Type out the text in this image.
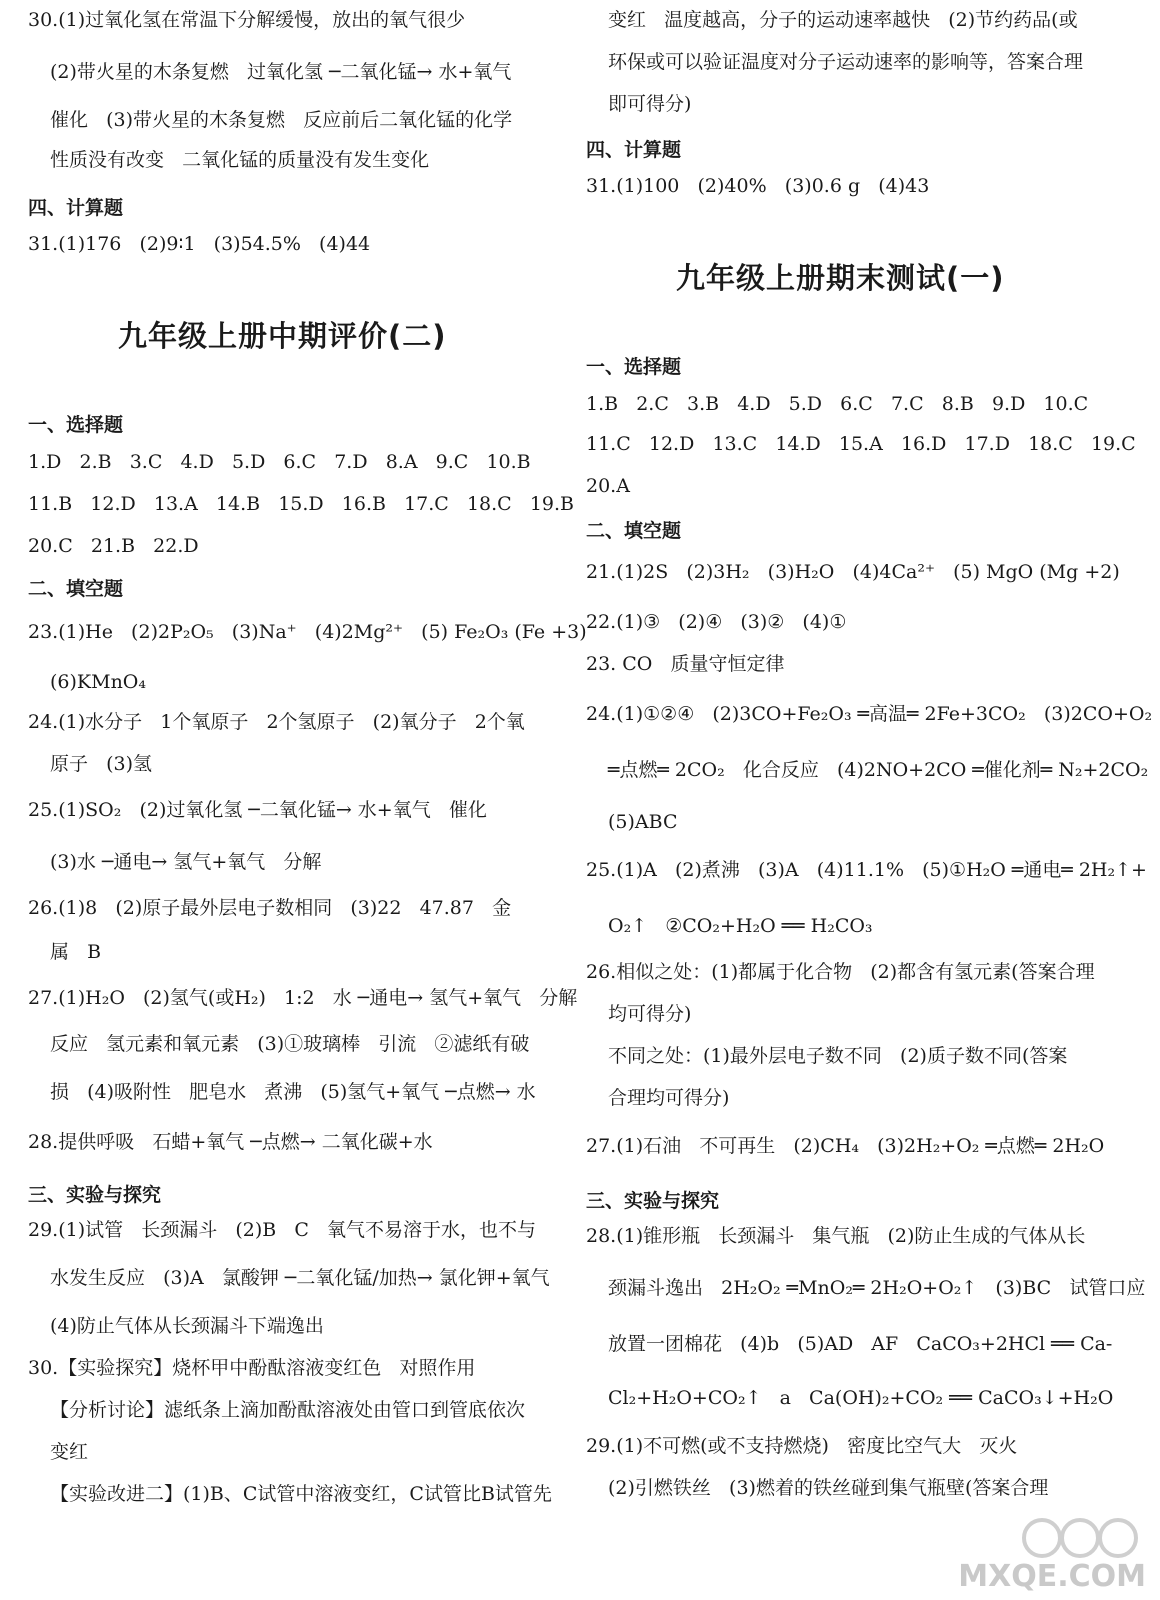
30.(1)过氧化氢在常温下分解缓慢，放出的氧气很少
(2)带火星的木条复燃   过氧化氢 ─二氧化锰→ 水+氧气
催化   (3)带火星的木条复燃   反应前后二氧化锰的化学
性质没有改变   二氧化锰的质量没有发生变化
四、计算题
31.(1)176   (2)9∶1   (3)54.5%   (4)44
九年级上册中期评价(二)
一、选择题
1.D   2.B   3.C   4.D   5.D   6.C   7.D   8.A   9.C   10.B
11.B   12.D   13.A   14.B   15.D   16.B   17.C   18.C   19.B
20.C   21.B   22.D
二、填空题
23.(1)He   (2)2P₂O₅   (3)Na⁺   (4)2Mg²⁺   (5) Fe₂O₃ (Fe +3)
(6)KMnO₄
24.(1)水分子   1个氧原子   2个氢原子   (2)氧分子   2个氧
原子   (3)氢
25.(1)SO₂   (2)过氧化氢 ─二氧化锰→ 水+氧气   催化
(3)水 ─通电→ 氢气+氧气   分解
26.(1)8   (2)原子最外层电子数相同   (3)22   47.87   金
属   B
27.(1)H₂O   (2)氢气(或H₂)   1:2   水 ─通电→ 氢气+氧气   分解
反应   氢元素和氧元素   (3)①玻璃棒   引流   ②滤纸有破
损   (4)吸附性   肥皂水   煮沸   (5)氢气+氧气 ─点燃→ 水
28.提供呼吸   石蜡+氧气 ─点燃→ 二氧化碳+水
三、实验与探究
29.(1)试管   长颈漏斗   (2)B   C   氧气不易溶于水，也不与
水发生反应   (3)A   氯酸钾 ─二氧化锰/加热→ 氯化钾+氧气
(4)防止气体从长颈漏斗下端逸出
30.【实验探究】烧杯甲中酚酞溶液变红色   对照作用
【分析讨论】滤纸条上滴加酚酞溶液处由管口到管底依次
变红
【实验改进二】(1)B、C试管中溶液变红，C试管比B试管先
变红   温度越高，分子的运动速率越快   (2)节约药品(或
环保或可以验证温度对分子运动速率的影响等，答案合理
即可得分)
四、计算题
31.(1)100   (2)40%   (3)0.6 g   (4)43
九年级上册期末测试(一)
一、选择题
1.B   2.C   3.B   4.D   5.D   6.C   7.C   8.B   9.D   10.C
11.C   12.D   13.C   14.D   15.A   16.D   17.D   18.C   19.C
20.A
二、填空题
21.(1)2S   (2)3H₂   (3)H₂O   (4)4Ca²⁺   (5) MgO (Mg +2)
22.(1)③   (2)④   (3)②   (4)①
23. CO   质量守恒定律
24.(1)①②④   (2)3CO+Fe₂O₃ ═高温═ 2Fe+3CO₂   (3)2CO+O₂
═点燃═ 2CO₂   化合反应   (4)2NO+2CO ═催化剂═ N₂+2CO₂
(5)ABC
25.(1)A   (2)煮沸   (3)A   (4)11.1%   (5)①H₂O ═通电═ 2H₂↑+
O₂↑   ②CO₂+H₂O ══ H₂CO₃
26.相似之处：(1)都属于化合物   (2)都含有氢元素(答案合理
均可得分)
不同之处：(1)最外层电子数不同   (2)质子数不同(答案
合理均可得分)
27.(1)石油   不可再生   (2)CH₄   (3)2H₂+O₂ ═点燃═ 2H₂O
三、实验与探究
28.(1)锥形瓶   长颈漏斗   集气瓶   (2)防止生成的气体从长
颈漏斗逸出   2H₂O₂ ═MnO₂═ 2H₂O+O₂↑   (3)BC   试管口应
放置一团棉花   (4)b   (5)AD   AF   CaCO₃+2HCl ══ Ca-
Cl₂+H₂O+CO₂↑   a   Ca(OH)₂+CO₂ ══ CaCO₃↓+H₂O
29.(1)不可燃(或不支持燃烧)   密度比空气大   灭火
(2)引燃铁丝   (3)燃着的铁丝碰到集气瓶壁(答案合理
MXQE.COM
